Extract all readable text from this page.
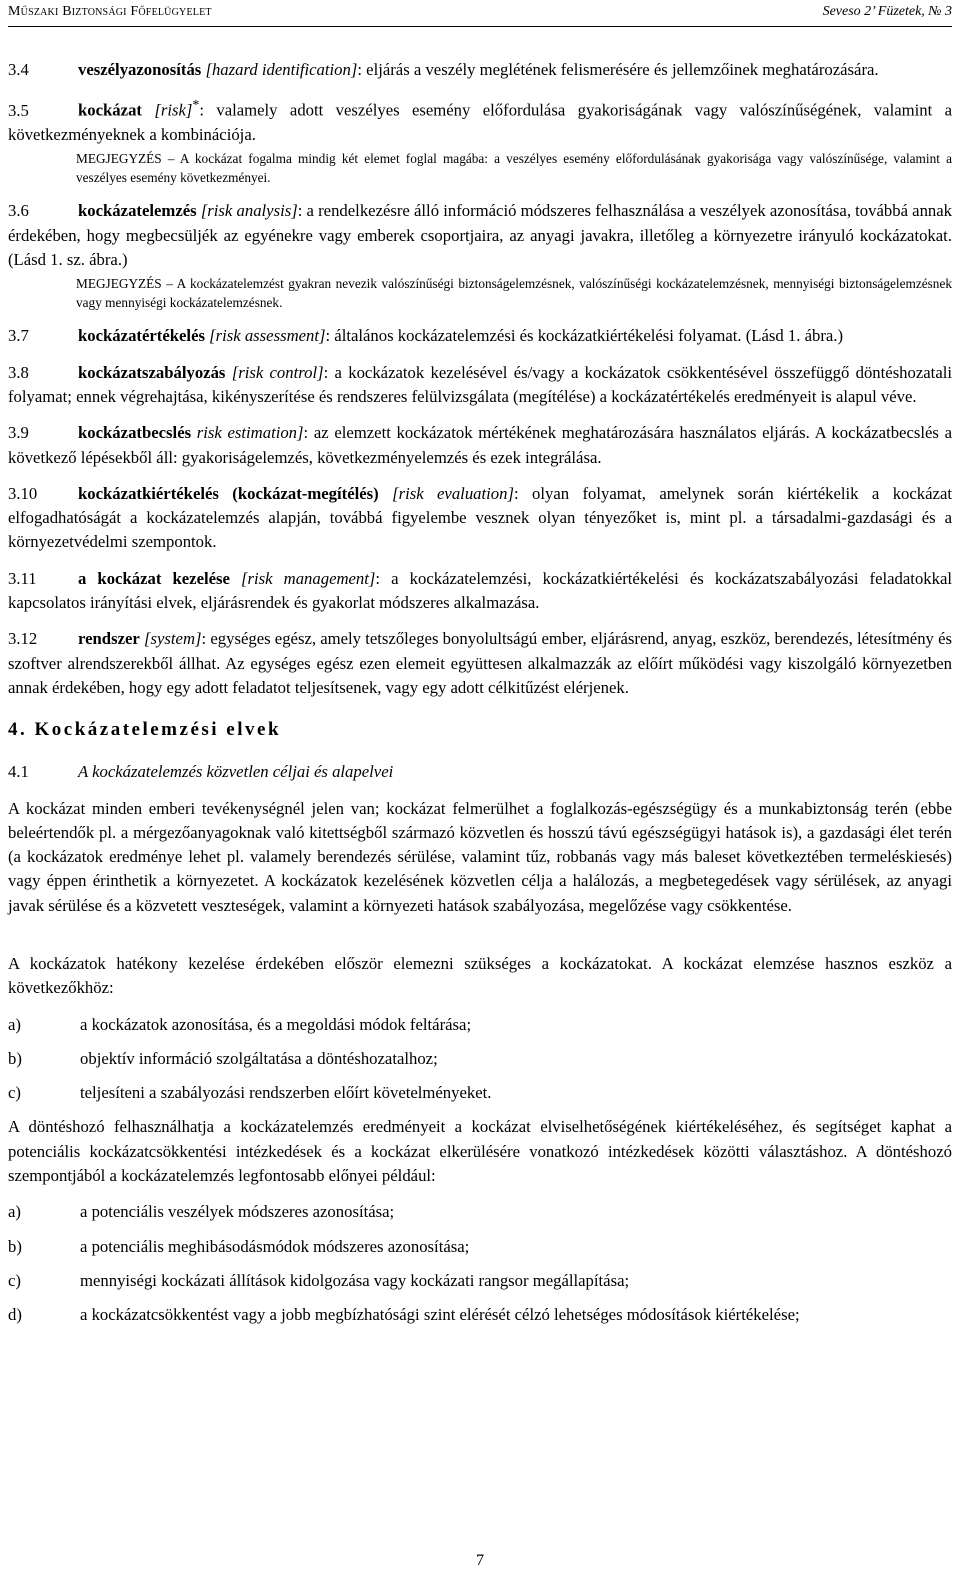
Műszaki Biztonsági Főfelügyelet	Seveso 2’ Füzetek, № 3

3.4	veszélyazonosítás [hazard identification]: eljárás a veszély meglétének felismerésére és jellemzőinek meghatározására.

3.5	kockázat [risk]*: valamely adott veszélyes esemény előfordulása gyakoriságának vagy valószínűségének, valamint a következményeknek a kombinációja.

MEGJEGYZÉS – A kockázat fogalma mindig két elemet foglal magába: a veszélyes esemény előfordulásának gyakorisága vagy valószínűsége, valamint a veszélyes esemény következményei.

3.6	kockázatelemzés [risk analysis]: a rendelkezésre álló információ módszeres felhasználása a veszélyek azonosítása, továbbá annak érdekében, hogy megbecsüljék az egyénekre vagy emberek csoportjaira, az anyagi javakra, illetőleg a környezetre irányuló kockázatokat. (Lásd 1. sz. ábra.)

MEGJEGYZÉS – A kockázatelemzést gyakran nevezik valószínűségi biztonságelemzésnek, valószínűségi kockázatelemzésnek, mennyiségi biztonságelemzésnek vagy mennyiségi kockázatelemzésnek.

3.7	kockázatértékelés [risk assessment]: általános kockázatelemzési és kockázatkiértékelési folyamat. (Lásd 1. ábra.)

3.8	kockázatszabályozás [risk control]: a kockázatok kezelésével és/vagy a kockázatok csökkentésével összefüggő döntéshozatali folyamat; ennek végrehajtása, kikényszerítése és rendszeres felülvizsgálata (megítélése) a kockázatértékelés eredményeit is alapul véve.

3.9	kockázatbecslés risk estimation]: az elemzett kockázatok mértékének meghatározására használatos eljárás. A kockázatbecslés a következő lépésekből áll: gyakoriságelemzés, következményelemzés és ezek integrálása.

3.10 kockázatkiértékelés (kockázat-megítélés) [risk evaluation]: olyan folyamat, amelynek során kiértékelik a kockázat elfogadhatóságát a kockázatelemzés alapján, továbbá figyelembe vesznek olyan tényezőket is, mint pl. a társadalmi-gazdasági és a környezetvédelmi szempontok.

3.11 a kockázat kezelése [risk management]: a kockázatelemzési, kockázatkiértékelési és kockázatszabályozási feladatokkal kapcsolatos irányítási elvek, eljárásrendek és gyakorlat módszeres alkalmazása.

3.12 rendszer [system]: egységes egész, amely tetszőleges bonyolultságú ember, eljárásrend, anyag, eszköz, berendezés, létesítmény és szoftver alrendszerekből állhat. Az egységes egész ezen elemeit együttesen alkalmazzák az előírt működési vagy kiszolgáló környezetben annak érdekében, hogy egy adott feladatot teljesítsenek, vagy egy adott célkitűzést elérjenek.

4. Kockázatelemzési elvek

4.1	A kockázatelemzés közvetlen céljai és alapelvei

A kockázat minden emberi tevékenységnél jelen van; kockázat felmerülhet a foglalkozás-egészségügy és a munkabiztonság terén (ebbe beleértendők pl. a mérgezőanyagoknak való kitettségből származó közvetlen és hosszú távú egészségügyi hatások is), a gazdasági élet terén (a kockázatok eredménye lehet pl. valamely berendezés sérülése, valamint tűz, robbanás vagy más baleset következtében termeléskiesés) vagy éppen érinthetik a környezetet. A kockázatok kezelésének közvetlen célja a halálozás, a megbetegedések vagy sérülések, az anyagi javak sérülése és a közvetett veszteségek, valamint a környezeti hatások szabályozása, megelőzése vagy csökkentése.

A kockázatok hatékony kezelése érdekében először elemezni szükséges a kockázatokat. A kockázat elemzése hasznos eszköz a következőkhöz:

a)	a kockázatok azonosítása, és a megoldási módok feltárása;
b)	objektív információ szolgáltatása a döntéshozatalhoz;
c)	teljesíteni a szabályozási rendszerben előírt követelményeket.

A döntéshozó felhasználhatja a kockázatelemzés eredményeit a kockázat elviselhetőségének kiértékeléséhez, és segítséget kaphat a potenciális kockázatcsökkentési intézkedések és a kockázat elkerülésére vonatkozó intézkedések közötti választáshoz. A döntéshozó szempontjából a kockázatelemzés legfontosabb előnyei például:

a)	a potenciális veszélyek módszeres azonosítása;
b)	a potenciális meghibásodásmódok módszeres azonosítása;
c)	mennyiségi kockázati állítások kidolgozása vagy kockázati rangsor megállapítása;
d)	a kockázatcsökkentést vagy a jobb megbízhatósági szint elérését célzó lehetséges módosítások kiértékelése;
7
